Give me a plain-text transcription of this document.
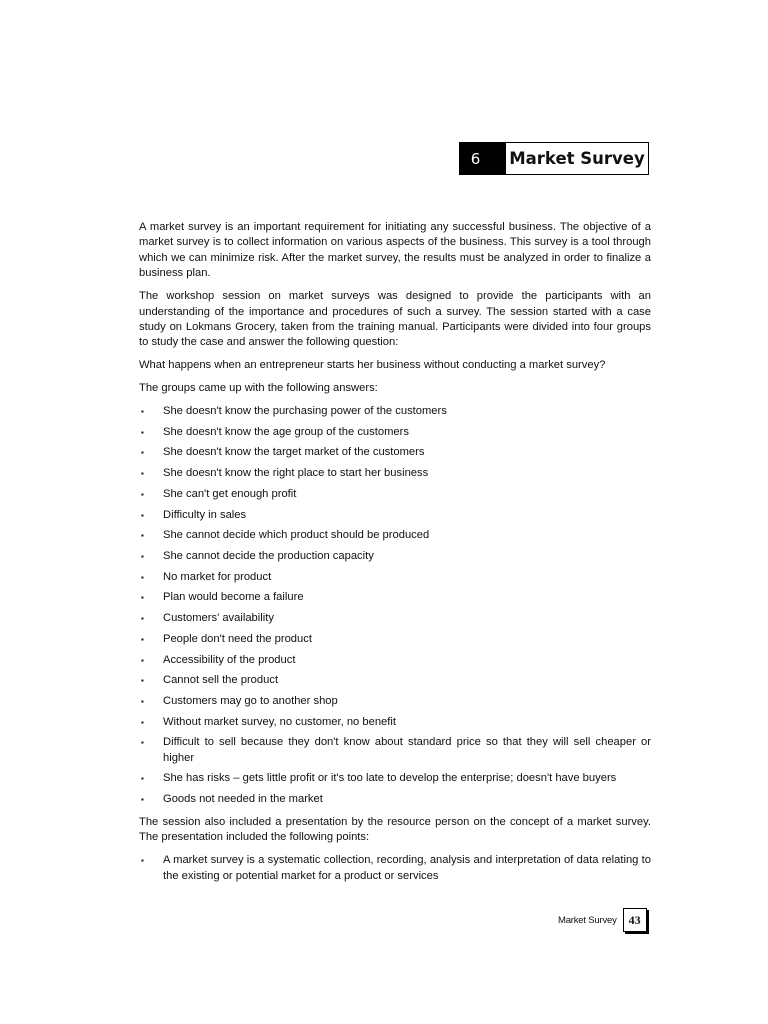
6	Market Survey

A market survey is an important requirement for initiating any successful business. The objective of a market survey is to collect information on various aspects of the business. This survey is a tool through which we can minimize risk. After the market survey, the results must be analyzed in order to finalize a business plan.

The workshop session on market surveys was designed to provide the participants with an understanding of the importance and procedures of such a survey. The session started with a case study on Lokmans Grocery, taken from the training manual. Participants were divided into four groups to study the case and answer the following question:

What happens when an entrepreneur starts her business without conducting a market survey?

The groups came up with the following answers:

▪ She doesn't know the purchasing power of the customers
▪ She doesn't know the age group of the customers
▪ She doesn't know the target market of the customers
▪ She doesn't know the right place to start her business
▪ She can't get enough profit
▪ Difficulty in sales
▪ She cannot decide which product should be produced
▪ She cannot decide the production capacity
▪ No market for product
▪ Plan would become a failure
▪ Customers' availability
▪ People don't need the product
▪ Accessibility of the product
▪ Cannot sell the product
▪ Customers may go to another shop
▪ Without market survey, no customer, no benefit
▪ Difficult to sell because they don't know about standard price so that they will sell cheaper or higher
▪ She has risks – gets little profit or it's too late to develop the enterprise; doesn't have buyers
▪ Goods not needed in the market

The session also included a presentation by the resource person on the concept of a market survey. The presentation included the following points:

▪ A market survey is a systematic collection, recording, analysis and interpretation of data relating to the existing or potential market for a product or services
Market Survey	43
